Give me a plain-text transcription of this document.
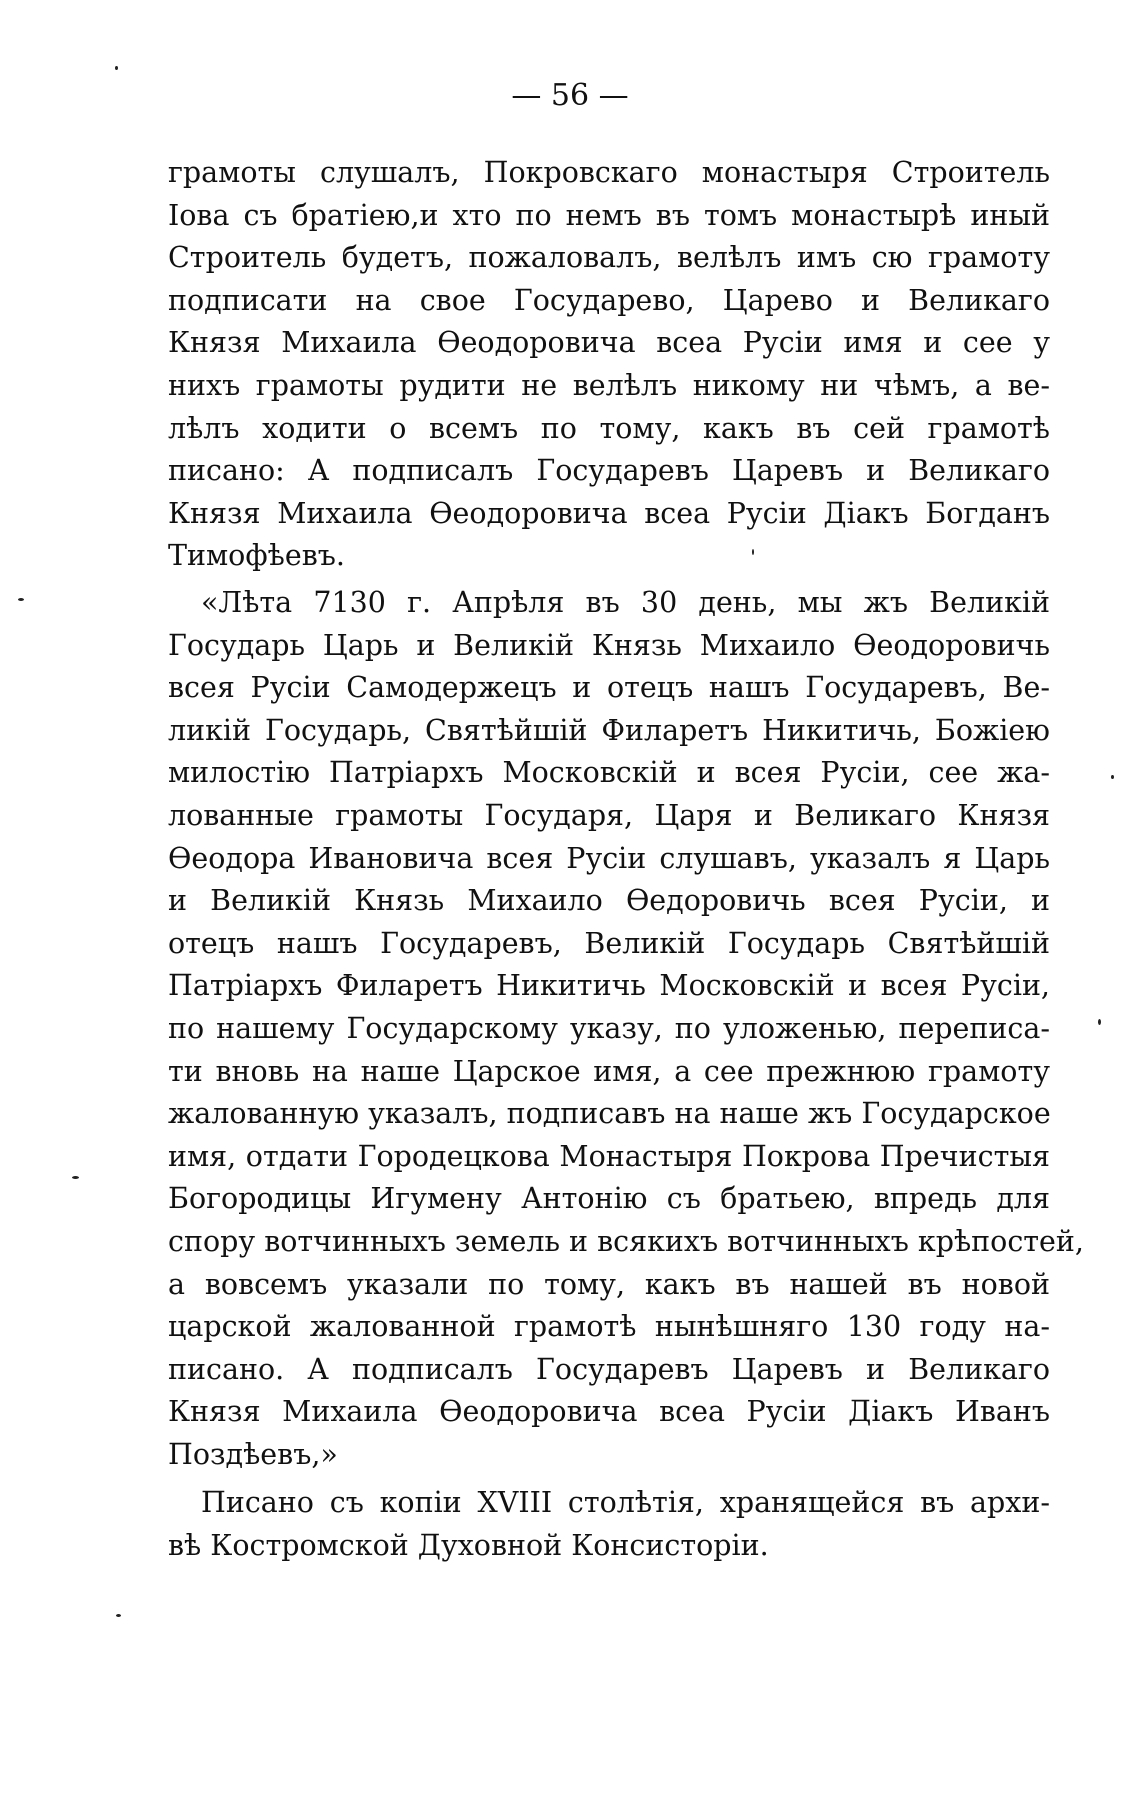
— 56 —
грамоты слушалъ, Покровскаго монастыря Строитель
Іова съ братіею,и хто по немъ въ томъ монастырѣ иный
Строитель будетъ, пожаловалъ, велѣлъ имъ сю грамоту
подписати на свое Государево, Царево и Великаго
Князя Михаила Ѳеодоровича всеа Русіи имя и сее у
нихъ грамоты рудити не велѣлъ никому ни чѣмъ, а ве-
лѣлъ ходити о всемъ по тому, какъ въ сей грамотѣ
писано: А подписалъ Государевъ Царевъ и Великаго
Князя Михаила Ѳеодоровича всеа Русіи Діакъ Богданъ
Тимофѣевъ.
«Лѣта 7130 г. Апрѣля въ 30 день, мы жъ Великій
Государь Царь и Великій Князь Михаило Ѳеодоровичь
всея Русіи Самодержецъ и отецъ нашъ Государевъ, Ве-
ликій Государь, Святѣйшій Филаретъ Никитичь, Божіею
милостію Патріархъ Московскій и всея Русіи, сее жа-
лованные грамоты Государя, Царя и Великаго Князя
Ѳеодора Ивановича всея Русіи слушавъ, указалъ я Царь
и Великій Князь Михаило Ѳедоровичь всея Русіи, и
отецъ нашъ Государевъ, Великій Государь Святѣйшій
Патріархъ Филаретъ Никитичь Московскій и всея Русіи,
по нашему Государскому указу, по уложенью, переписа-
ти вновь на наше Царское имя, а сее прежнюю грамоту
жалованную указалъ, подписавъ на наше жъ Государское
имя, отдати Городецкова Монастыря Покрова Пречистыя
Богородицы Игумену Антонію съ братьею, впредь для
спору вотчинныхъ земель и всякихъ вотчинныхъ крѣпостей,
а вовсемъ указали по тому, какъ въ нашей въ новой
царской жалованной грамотѣ нынѣшняго 130 году на-
писано. А подписалъ Государевъ Царевъ и Великаго
Князя Михаила Ѳеодоровича всеа Русіи Діакъ Иванъ
Поздѣевъ,»
Писано съ копіи XVIII столѣтія, хранящейся въ архи-
вѣ Костромской Духовной Консисторіи.
